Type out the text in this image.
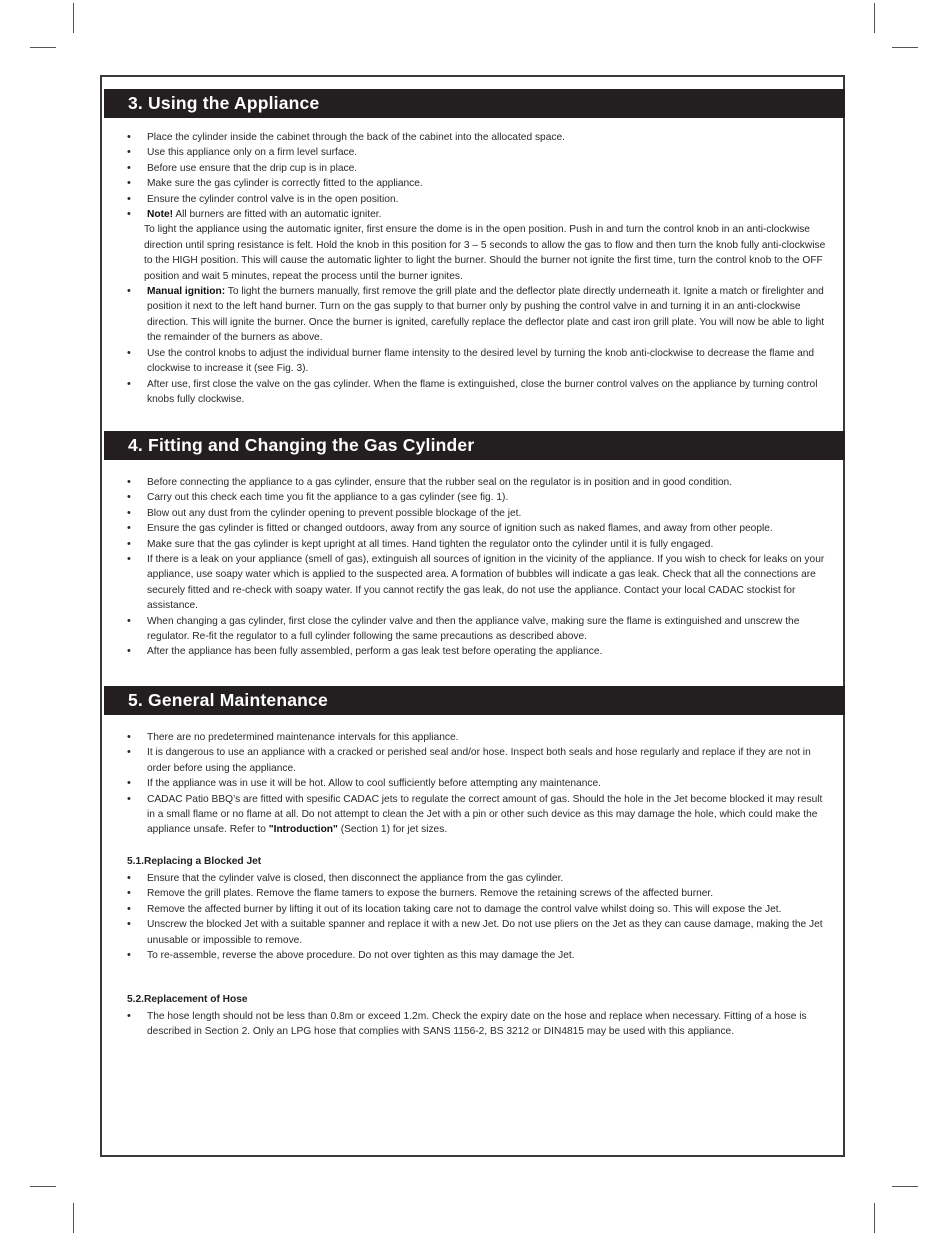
3. Using the Appliance
• Place the cylinder inside the cabinet through the back of the cabinet into the allocated space.
• Use this appliance only on a firm level surface.
• Before use ensure that the drip cup is in place.
• Make sure the gas cylinder is correctly fitted to the appliance.
• Ensure the cylinder control valve is in the open position.
• Note! All burners are fitted with an automatic igniter.
To light the appliance using the automatic igniter, first ensure the dome is in the open position. Push in and turn the control knob in an anti-clockwise direction until spring resistance is felt. Hold the knob in this position for 3 – 5 seconds to allow the gas to flow and then turn the knob fully anti-clockwise to the HIGH position. This will cause the automatic lighter to light the burner. Should the burner not ignite the first time, turn the control knob to the OFF position and wait 5 minutes, repeat the process until the burner ignites.
• Manual ignition: To light the burners manually, first remove the grill plate and the deflector plate directly underneath it. Ignite a match or firelighter and position it next to the left hand burner. Turn on the gas supply to that burner only by pushing the control valve in and turning it in an anti-clockwise direction. This will ignite the burner. Once the burner is ignited, carefully replace the deflector plate and cast iron grill plate. You will now be able to light the remainder of the burners as above.
• Use the control knobs to adjust the individual burner flame intensity to the desired level by turning the knob anti-clockwise to decrease the flame and clockwise to increase it (see Fig. 3).
• After use, first close the valve on the gas cylinder. When the flame is extinguished, close the burner control valves on the appliance by turning control knobs fully clockwise.
4. Fitting and Changing the Gas Cylinder
• Before connecting the appliance to a gas cylinder, ensure that the rubber seal on the regulator is in position and in good condition.
• Carry out this check each time you fit the appliance to a gas cylinder (see fig. 1).
• Blow out any dust from the cylinder opening to prevent possible blockage of the jet.
• Ensure the gas cylinder is fitted or changed outdoors, away from any source of ignition such as naked flames, and away from other people.
• Make sure that the gas cylinder is kept upright at all times. Hand tighten the regulator onto the cylinder until it is fully engaged.
• If there is a leak on your appliance (smell of gas), extinguish all sources of ignition in the vicinity of the appliance. If you wish to check for leaks on your appliance, use soapy water which is applied to the suspected area. A formation of bubbles will indicate a gas leak. Check that all the connections are securely fitted and re-check with soapy water. If you cannot rectify the gas leak, do not use the appliance. Contact your local CADAC stockist for assistance.
• When changing a gas cylinder, first close the cylinder valve and then the appliance valve, making sure the flame is extinguished and unscrew the regulator. Re-fit the regulator to a full cylinder following the same precautions as described above.
• After the appliance has been fully assembled, perform a gas leak test before operating the appliance.
5. General Maintenance
• There are no predetermined maintenance intervals for this appliance.
• It is dangerous to use an appliance with a cracked or perished seal and/or hose. Inspect both seals and hose regularly and replace if they are not in order before using the appliance.
• If the appliance was in use it will be hot. Allow to cool sufficiently before attempting any maintenance.
• CADAC Patio BBQ’s are fitted with spesific CADAC jets to regulate the correct amount of gas. Should the hole in the Jet become blocked it may result in a small flame or no flame at all. Do not attempt to clean the Jet with a pin or other such device as this may damage the hole, which could make the appliance unsafe. Refer to "Introduction" (Section 1) for jet sizes.
5.1.Replacing a Blocked Jet
• Ensure that the cylinder valve is closed, then disconnect the appliance from the gas cylinder.
• Remove the grill plates. Remove the flame tamers to expose the burners. Remove the retaining screws of the affected burner.
• Remove the affected burner by lifting it out of its location taking care not to damage the control valve whilst doing so. This will expose the Jet.
• Unscrew the blocked Jet with a suitable spanner and replace it with a new Jet. Do not use pliers on the Jet as they can cause damage, making the Jet unusable or impossible to remove.
• To re-assemble, reverse the above procedure. Do not over tighten as this may damage the Jet.
5.2.Replacement of Hose
• The hose length should not be less than 0.8m or exceed 1.2m. Check the expiry date on the hose and replace when necessary. Fitting of a hose is described in Section 2. Only an LPG hose that complies with SANS 1156-2, BS 3212 or DIN4815 may be used with this appliance.
